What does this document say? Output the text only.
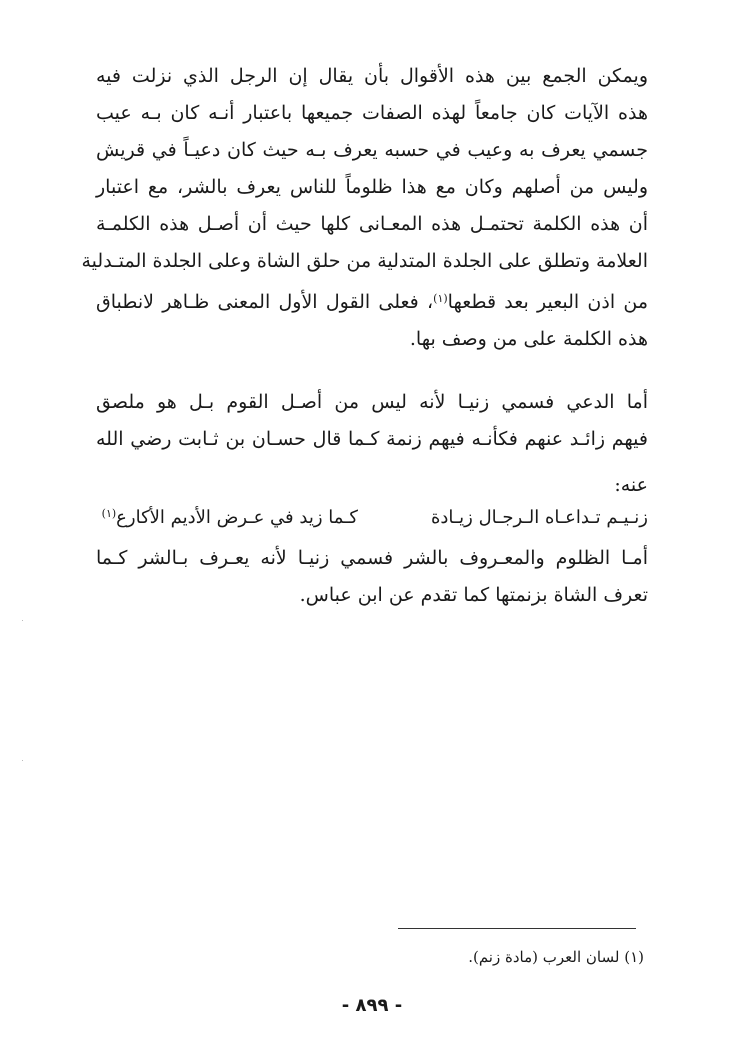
ويمكن الجمع بين هذه الأقوال بأن يقال إن الرجل الذي نزلت فيه
هذه الآيات كان جامعاً لهذه الصفات جميعها باعتبار أنـه كان بـه عيب
جسمي يعرف به وعيب في حسبه يعرف بـه حيث كان دعيـاً في قريش
وليس من أصلهم وكان مع هذا ظلوماً للناس يعرف بالشر، مع اعتبار
أن هذه الكلمة تحتمـل هذه المعـانى كلها حيث أن أصـل هذه الكلمـة
العلامة وتطلق على الجلدة المتدلية من حلق الشاة وعلى الجلدة المتـدلية
من اذن البعير بعد قطعها$^{(١)}$، فعلى القول الأول المعنى ظـاهر لانطباق
هذه الكلمة على من وصف بها.
أما الدعي فسمي زنيـا لأنه ليس من أصـل القوم بـل هو ملصق
فيهم زائـد عنهم فكأنـه فيهم زنمة كـما قال حسـان بن ثـابت رضي الله
عنه:
زنـيـم تـداعـاه الـرجـال زيـادةكـما زيد في عـرض الأديم الأكارع$^{(١)}$
أمـا الظلوم والمعـروف بالشر فسمي زنيـا لأنه يعـرف بـالشر كـما
تعرف الشاة بزنمتها كما تقدم عن ابن عباس.
(١) لسان العرب (مادة زنم).
- ٨٩٩ -
